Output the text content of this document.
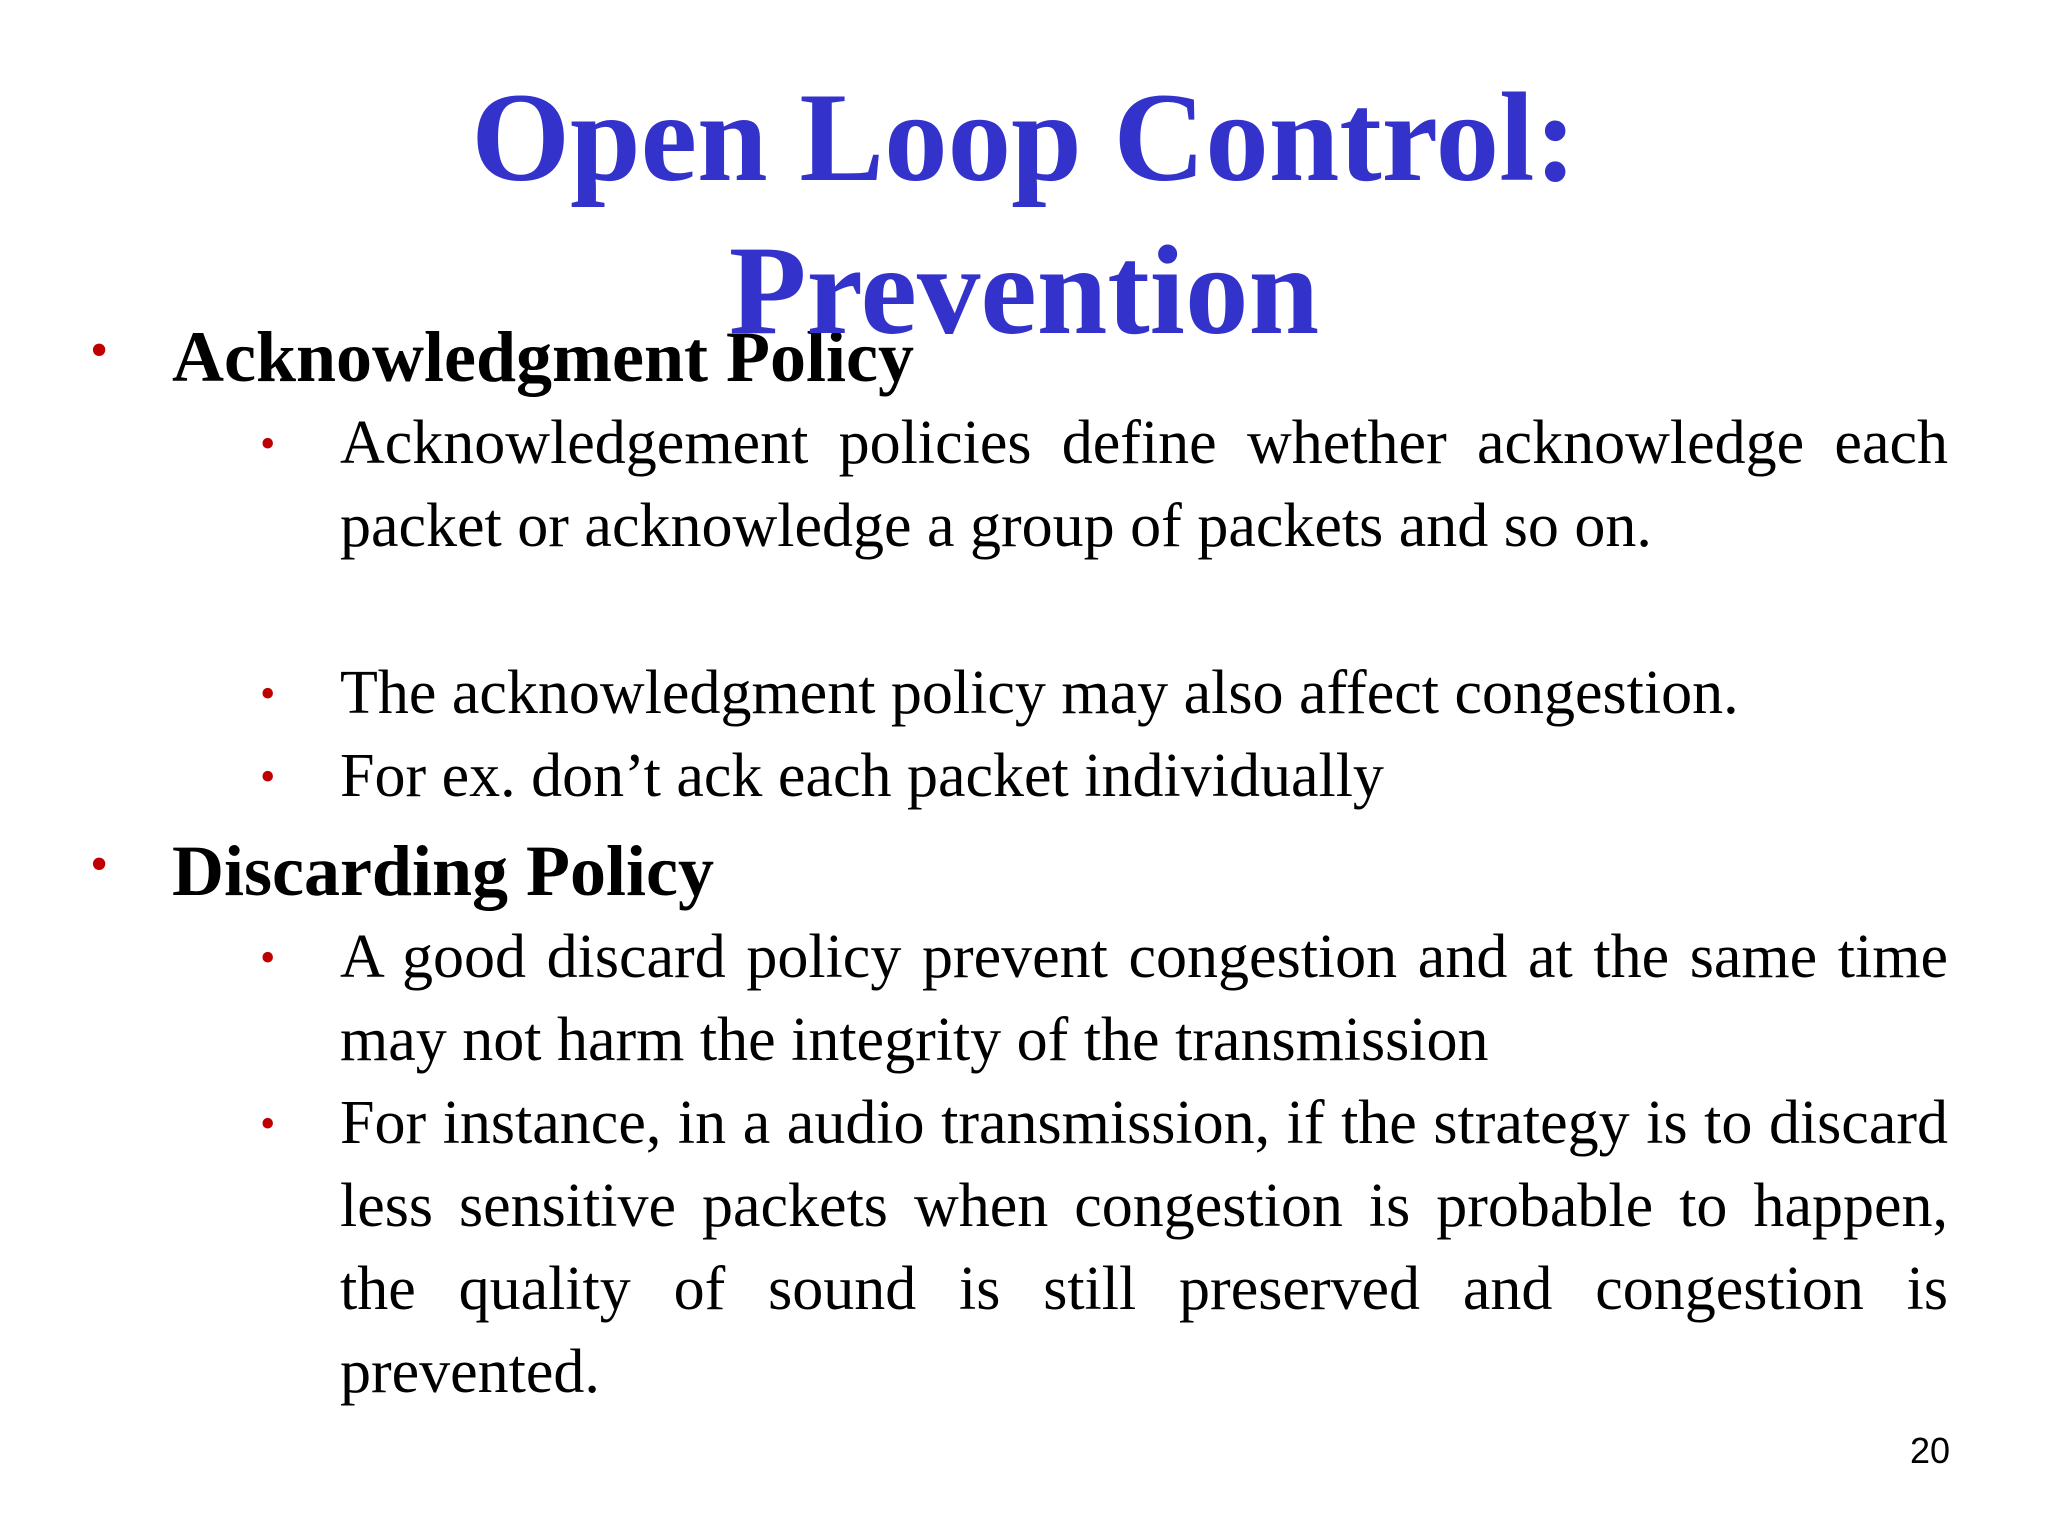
• Acknowledgment Policy
• Acknowledgement policies define whether acknowledge each packet or acknowledge a group of packets and so on.
• The acknowledgment policy may also affect congestion.
• For ex. don’t ack each packet individually
• Discarding Policy
• A good discard policy prevent congestion and at the same time may not harm the integrity of the transmission
• For instance, in a audio transmission, if the strategy is to discard less sensitive packets when congestion is probable to happen, the quality of sound is still preserved and congestion is prevented.
Open Loop Control:
Prevention
20
